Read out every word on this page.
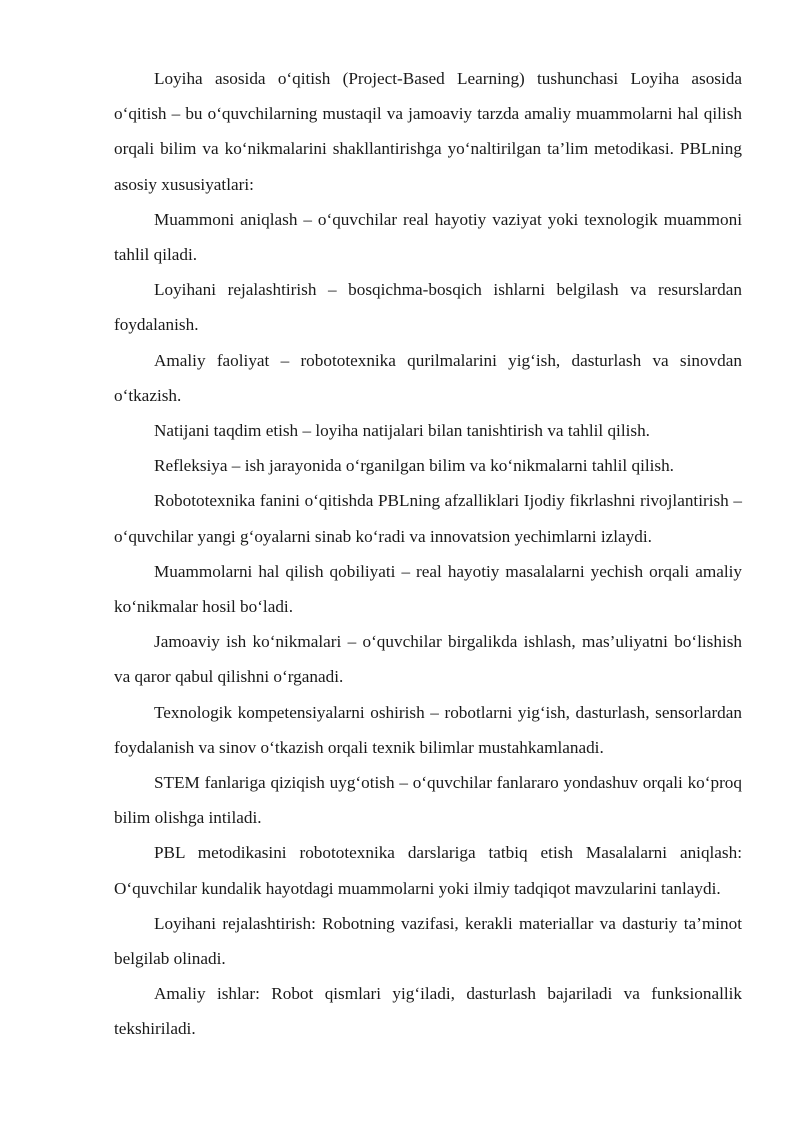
Loyiha asosida o‘qitish (Project-Based Learning) tushunchasi Loyiha asosida o‘qitish – bu o‘quvchilarning mustaqil va jamoaviy tarzda amaliy muammolarni hal qilish orqali bilim va ko‘nikmalarini shakllantirishga yo‘naltirilgan ta’lim metodikasi. PBLning asosiy xususiyatlari:

Muammoni aniqlash – o‘quvchilar real hayotiy vaziyat yoki texnologik muammoni tahlil qiladi.

Loyihani rejalashtirish – bosqichma-bosqich ishlarni belgilash va resurslardan foydalanish.

Amaliy faoliyat – robototexnika qurilmalarini yig‘ish, dasturlash va sinovdan o‘tkazish.

Natijani taqdim etish – loyiha natijalari bilan tanishtirish va tahlil qilish.

Refleksiya – ish jarayonida o‘rganilgan bilim va ko‘nikmalarni tahlil qilish.

Robototexnika fanini o‘qitishda PBLning afzalliklari Ijodiy fikrlashni rivojlantirish – o‘quvchilar yangi g‘oyalarni sinab ko‘radi va innovatsion yechimlarni izlaydi.

Muammolarni hal qilish qobiliyati – real hayotiy masalalarni yechish orqali amaliy ko‘nikmalar hosil bo‘ladi.

Jamoaviy ish ko‘nikmalari – o‘quvchilar birgalikda ishlash, mas’uliyatni bo‘lishish va qaror qabul qilishni o‘rganadi.

Texnologik kompetensiyalarni oshirish – robotlarni yig‘ish, dasturlash, sensorlardan foydalanish va sinov o‘tkazish orqali texnik bilimlar mustahkamlanadi.

STEM fanlariga qiziqish uyg‘otish – o‘quvchilar fanlararo yondashuv orqali ko‘proq bilim olishga intiladi.

PBL metodikasini robototexnika darslariga tatbiq etish Masalalarni aniqlash: O‘quvchilar kundalik hayotdagi muammolarni yoki ilmiy tadqiqot mavzularini tanlaydi.

Loyihani rejalashtirish: Robotning vazifasi, kerakli materiallar va dasturiy ta’minot belgilab olinadi.

Amaliy ishlar: Robot qismlari yig‘iladi, dasturlash bajariladi va funksionallik tekshiriladi.
